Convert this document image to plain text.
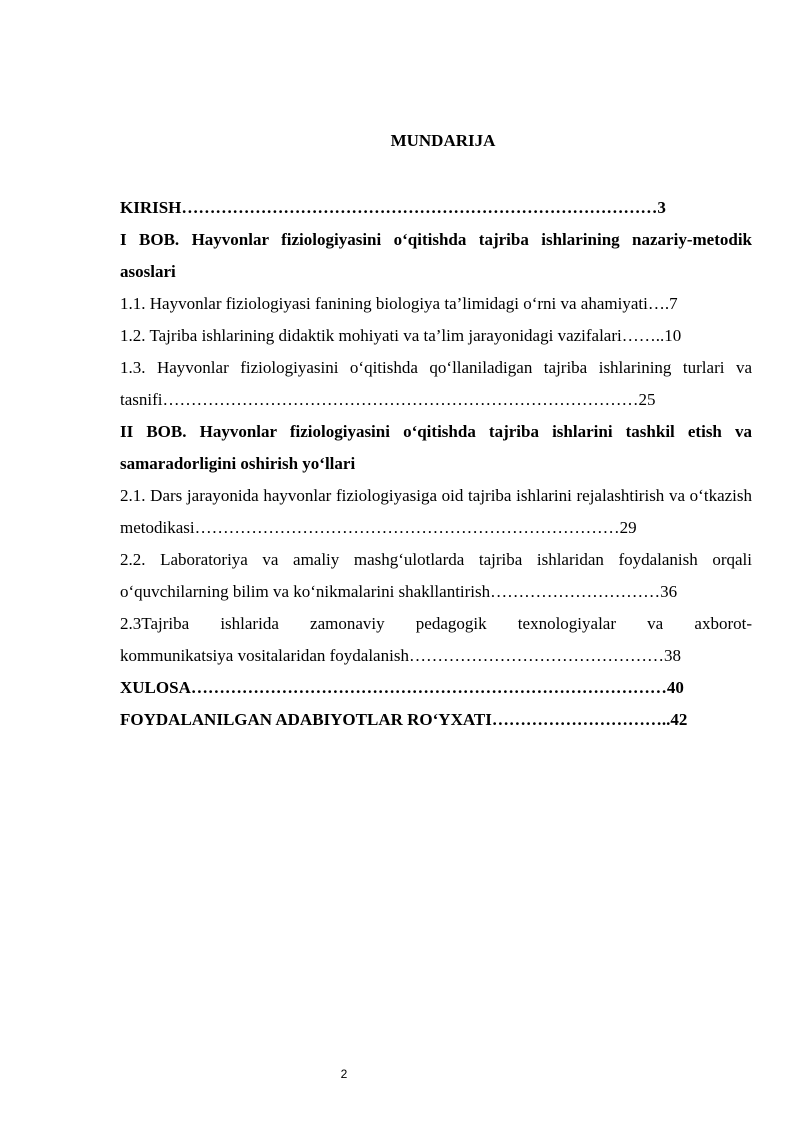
MUNDARIJA

KIRISH…………………………………………………………………………3

I BOB. Hayvonlar fiziologiyasini o‘qitishda tajriba ishlarining nazariy-metodik asoslari

1.1. Hayvonlar fiziologiyasi fanining biologiya ta’limidagi o‘rni va ahamiyati….7

1.2. Tajriba ishlarining didaktik mohiyati va ta’lim jarayonidagi vazifalari……..10

1.3. Hayvonlar fiziologiyasini o‘qitishda qo‘llaniladigan tajriba ishlarining turlari va tasnifi…………………………………………………………………………25

II BOB. Hayvonlar fiziologiyasini o‘qitishda tajriba ishlarini tashkil etish va samaradorligini oshirish yo‘llari

2.1. Dars jarayonida hayvonlar fiziologiyasiga oid tajriba ishlarini rejalashtirish va o‘tkazish metodikasi…………………………………………………………………29

2.2. Laboratoriya va amaliy mashg‘ulotlarda tajriba ishlaridan foydalanish orqali o‘quvchilarning bilim va ko‘nikmalarini shakllantirish…………………………36

2.3Tajriba ishlarida zamonaviy pedagogik texnologiyalar va axborot-

kommunikatsiya vositalaridan foydalanish………………………………………38

XULOSA…………………………………………………………………………40

FOYDALANILGAN ADABIYOTLAR RO‘YXATI…………………………..42

2
